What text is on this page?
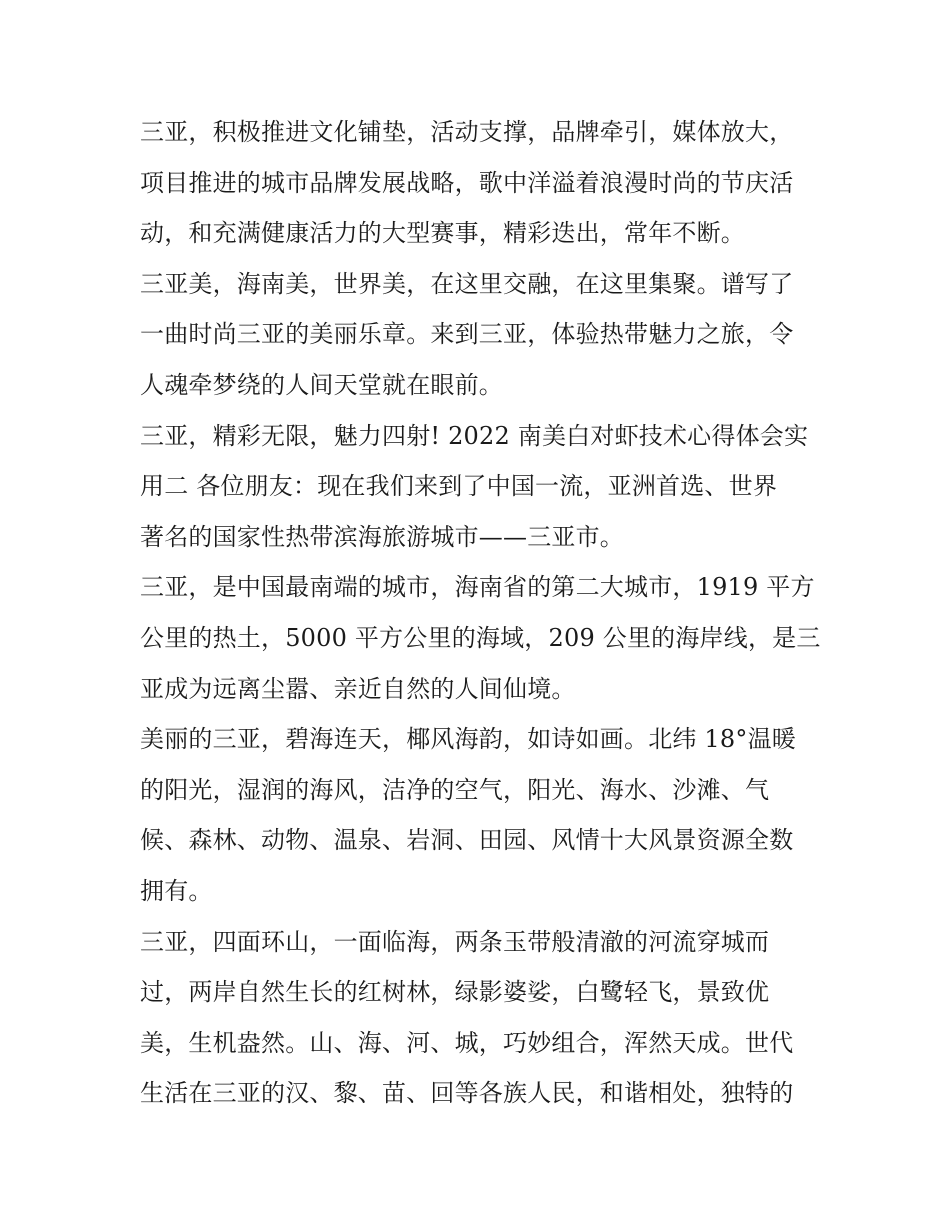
三亚，积极推进文化铺垫，活动支撑，品牌牵引，媒体放大，
项目推进的城市品牌发展战略，歌中洋溢着浪漫时尚的节庆活
动，和充满健康活力的大型赛事，精彩迭出，常年不断。
三亚美，海南美，世界美，在这里交融，在这里集聚。谱写了
一曲时尚三亚的美丽乐章。来到三亚，体验热带魅力之旅，令
人魂牵梦绕的人间天堂就在眼前。
三亚，精彩无限，魅力四射! 2022 南美白对虾技术心得体会实
用二 各位朋友：现在我们来到了中国一流，亚洲首选、世界
著名的国家性热带滨海旅游城市——三亚市。
三亚，是中国最南端的城市，海南省的第二大城市，1919 平方
公里的热土，5000 平方公里的海域，209 公里的海岸线，是三
亚成为远离尘嚣、亲近自然的人间仙境。
美丽的三亚，碧海连天，椰风海韵，如诗如画。北纬 18°温暖
的阳光，湿润的海风，洁净的空气，阳光、海水、沙滩、气
候、森林、动物、温泉、岩洞、田园、风情十大风景资源全数
拥有。
三亚，四面环山，一面临海，两条玉带般清澈的河流穿城而
过，两岸自然生长的红树林，绿影婆娑，白鹭轻飞，景致优
美，生机盎然。山、海、河、城，巧妙组合，浑然天成。世代
生活在三亚的汉、黎、苗、回等各族人民，和谐相处，独特的
